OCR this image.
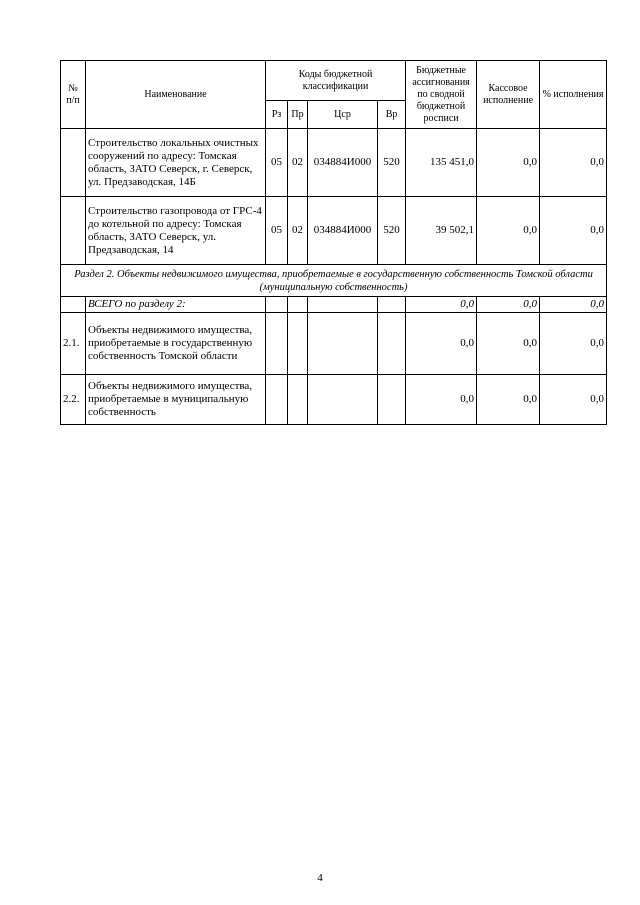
№ п/п	Наименование	Коды бюджетной классификации				Бюджетные ассигнования по сводной бюджетной росписи	Кассовое исполнение	% исполнения
		Рз	Пр	Цср	Вр			
	Строительство локальных очистных сооружений по адресу: Томская область, ЗАТО Северск, г. Северск, ул. Предзаводская, 14Б	05	02	034884И000	520	135 451,0	0,0	0,0
	Строительство газопровода от ГРС-4 до котельной по адресу: Томская область, ЗАТО Северск, ул. Предзаводская, 14	05	02	034884И000	520	39 502,1	0,0	0,0
Раздел 2. Объекты недвижимого имущества, приобретаемые в государственную собственность Томской области (муниципальную собственность)								
	ВСЕГО по разделу 2:					0,0	0,0	0,0
2.1.	Объекты недвижимого имущества, приобретаемые в государственную собственность Томской области					0,0	0,0	0,0
2.2.	Объекты недвижимого имущества, приобретаемые в муниципальную собственность					0,0	0,0	0,0
4
